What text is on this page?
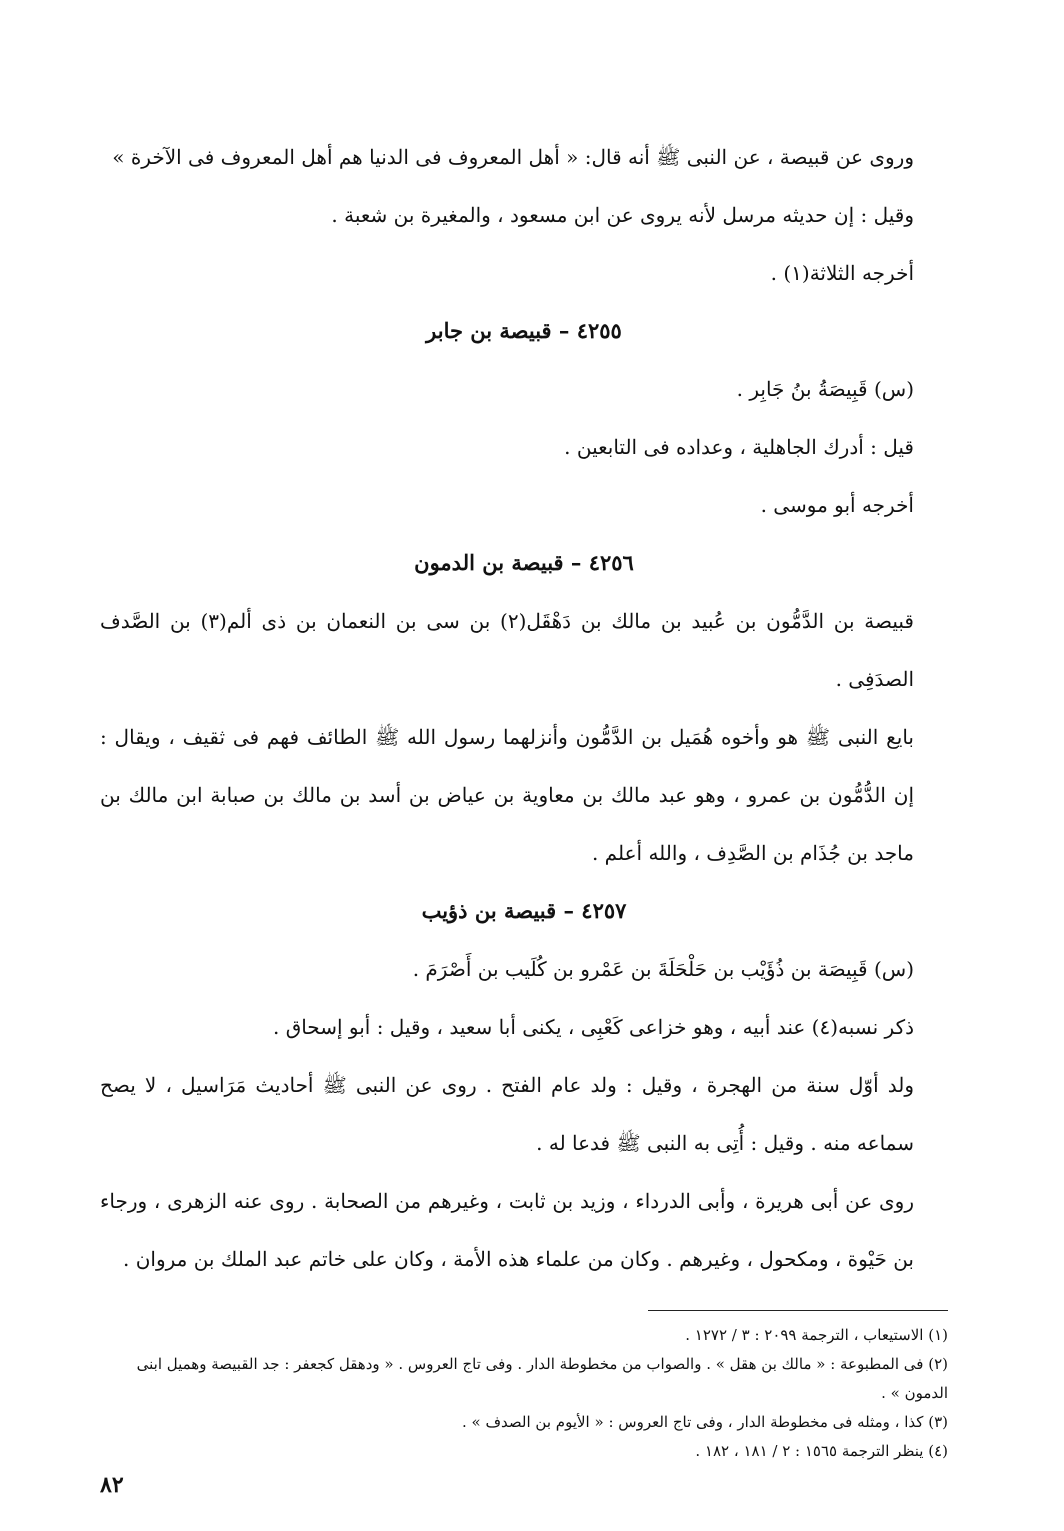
وروى عن قبيصة ، عن النبى ﷺ أنه قال: « أهل المعروف فى الدنيا هم أهل المعروف فى الآخرة »

وقيل : إن حديثه مرسل لأنه يروى عن ابن مسعود ، والمغيرة بن شعبة .

أخرجه الثلاثة(١) .

٤٢٥٥ – قبيصة بن جابر

(س) قَبِيصَةُ بنُ جَابِر .

قيل : أدرك الجاهلية ، وعداده فى التابعين .

أخرجه أبو موسى .

٤٢٥٦ – قبيصة بن الدمون

قبيصة بن الدَّمُّون بن عُبيد بن مالك بن دَهْقَل(٢) بن سى بن النعمان بن ذى ألم(٣) بن الصَّدف الصدَفِى .

بايع النبى ﷺ هو وأخوه هُمَيل بن الدَّمُّون وأنزلهما رسول الله ﷺ الطائف فهم فى ثقيف ، ويقال : إن الدُّمُّون بن عمرو ، وهو عبد مالك بن معاوية بن عياض بن أسد بن مالك بن صبابة ابن مالك بن ماجد بن جُذَام بن الصَّدِف ، والله أعلم .

٤٢٥٧ – قبيصة بن ذؤيب

(س) قَبِيصَة بن ذُؤَيْب بن حَلْحَلَةَ بن عَمْرو بن كُلَيب بن أَصْرَمَ .

ذكر نسبه(٤) عند أبيه ، وهو خزاعى كَعْبِى ، يكنى أبا سعيد ، وقيل : أبو إسحاق .

ولد أوّل سنة من الهجرة ، وقيل : ولد عام الفتح . روى عن النبى ﷺ أحاديث مَرَاسيل ، لا يصح سماعه منه . وقيل : أُتِى به النبى ﷺ فدعا له .

روى عن أبى هريرة ، وأبى الدرداء ، وزيد بن ثابت ، وغيرهم من الصحابة . روى عنه الزهرى ، ورجاء بن حَيْوة ، ومكحول ، وغيرهم . وكان من علماء هذه الأمة ، وكان على خاتم عبد الملك بن مروان .

(١) الاستيعاب ، الترجمة ٢٠٩٩ : ٣ / ١٢٧٢ .

(٢) فى المطبوعة : « مالك بن هقل » . والصواب من مخطوطة الدار . وفى تاج العروس . « ودهقل كجعفر : جد القبيصة وهميل ابنى الدمون » .

(٣) كذا ، ومثله فى مخطوطة الدار ، وفى تاج العروس : « الأيوم بن الصدف » .

(٤) ينظر الترجمة ١٥٦٥ : ٢ / ١٨١ ، ١٨٢ .

٨٢
